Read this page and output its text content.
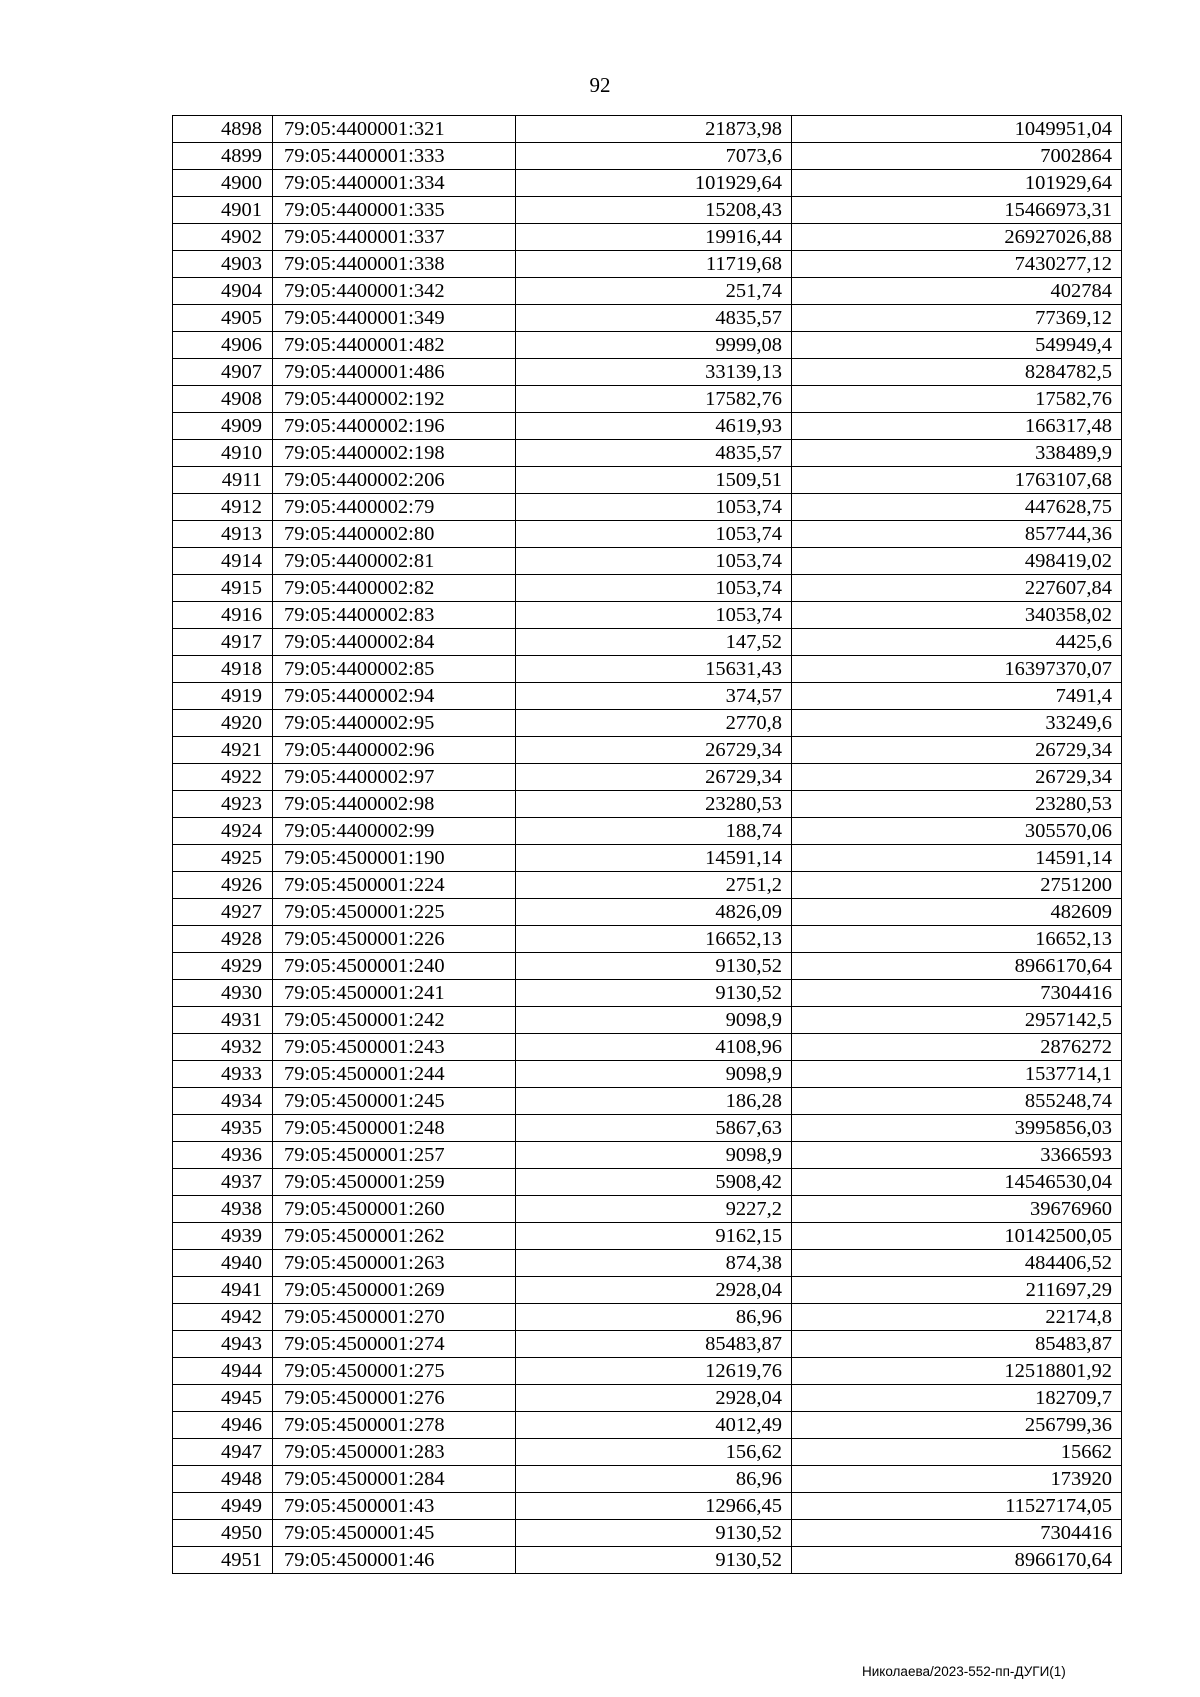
92
4898	79:05:4400001:321	21873,98	1049951,04
4899	79:05:4400001:333	7073,6	7002864
4900	79:05:4400001:334	101929,64	101929,64
4901	79:05:4400001:335	15208,43	15466973,31
4902	79:05:4400001:337	19916,44	26927026,88
4903	79:05:4400001:338	11719,68	7430277,12
4904	79:05:4400001:342	251,74	402784
4905	79:05:4400001:349	4835,57	77369,12
4906	79:05:4400001:482	9999,08	549949,4
4907	79:05:4400001:486	33139,13	8284782,5
4908	79:05:4400002:192	17582,76	17582,76
4909	79:05:4400002:196	4619,93	166317,48
4910	79:05:4400002:198	4835,57	338489,9
4911	79:05:4400002:206	1509,51	1763107,68
4912	79:05:4400002:79	1053,74	447628,75
4913	79:05:4400002:80	1053,74	857744,36
4914	79:05:4400002:81	1053,74	498419,02
4915	79:05:4400002:82	1053,74	227607,84
4916	79:05:4400002:83	1053,74	340358,02
4917	79:05:4400002:84	147,52	4425,6
4918	79:05:4400002:85	15631,43	16397370,07
4919	79:05:4400002:94	374,57	7491,4
4920	79:05:4400002:95	2770,8	33249,6
4921	79:05:4400002:96	26729,34	26729,34
4922	79:05:4400002:97	26729,34	26729,34
4923	79:05:4400002:98	23280,53	23280,53
4924	79:05:4400002:99	188,74	305570,06
4925	79:05:4500001:190	14591,14	14591,14
4926	79:05:4500001:224	2751,2	2751200
4927	79:05:4500001:225	4826,09	482609
4928	79:05:4500001:226	16652,13	16652,13
4929	79:05:4500001:240	9130,52	8966170,64
4930	79:05:4500001:241	9130,52	7304416
4931	79:05:4500001:242	9098,9	2957142,5
4932	79:05:4500001:243	4108,96	2876272
4933	79:05:4500001:244	9098,9	1537714,1
4934	79:05:4500001:245	186,28	855248,74
4935	79:05:4500001:248	5867,63	3995856,03
4936	79:05:4500001:257	9098,9	3366593
4937	79:05:4500001:259	5908,42	14546530,04
4938	79:05:4500001:260	9227,2	39676960
4939	79:05:4500001:262	9162,15	10142500,05
4940	79:05:4500001:263	874,38	484406,52
4941	79:05:4500001:269	2928,04	211697,29
4942	79:05:4500001:270	86,96	22174,8
4943	79:05:4500001:274	85483,87	85483,87
4944	79:05:4500001:275	12619,76	12518801,92
4945	79:05:4500001:276	2928,04	182709,7
4946	79:05:4500001:278	4012,49	256799,36
4947	79:05:4500001:283	156,62	15662
4948	79:05:4500001:284	86,96	173920
4949	79:05:4500001:43	12966,45	11527174,05
4950	79:05:4500001:45	9130,52	7304416
4951	79:05:4500001:46	9130,52	8966170,64
Николаева/2023-552-пп-ДУГИ(1)
